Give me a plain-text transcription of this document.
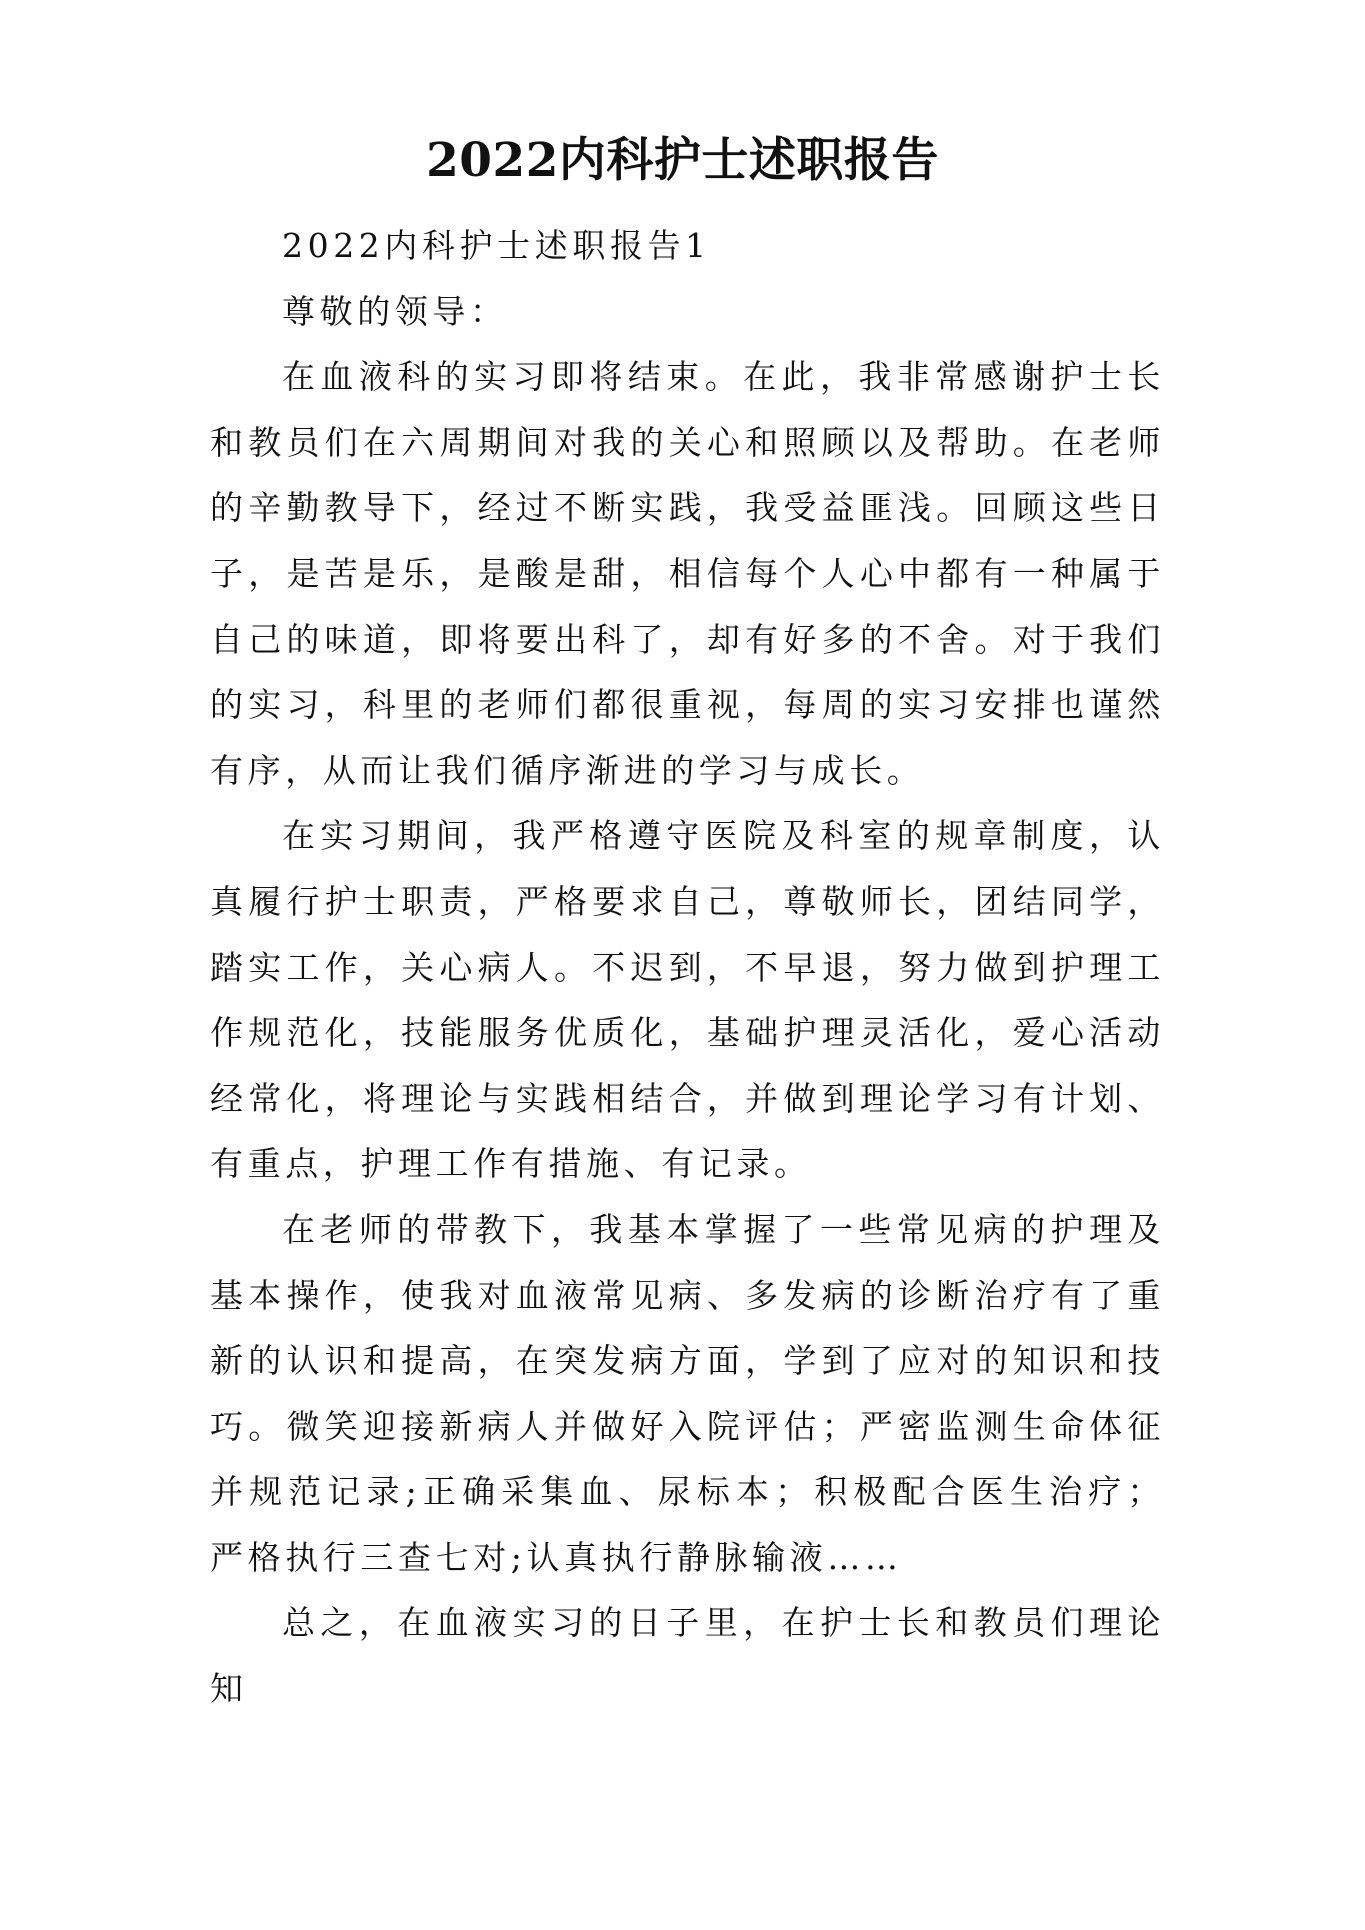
2022内科护士述职报告

2022内科护士述职报告1

尊敬的领导：

在血液科的实习即将结束。在此，我非常感谢护士长和教员们在六周期间对我的关心和照顾以及帮助。在老师的辛勤教导下，经过不断实践，我受益匪浅。回顾这些日子，是苦是乐，是酸是甜，相信每个人心中都有一种属于自己的味道，即将要出科了，却有好多的不舍。对于我们的实习，科里的老师们都很重视，每周的实习安排也谨然有序，从而让我们循序渐进的学习与成长。

在实习期间，我严格遵守医院及科室的规章制度，认真履行护士职责，严格要求自己，尊敬师长，团结同学，踏实工作，关心病人。不迟到，不早退，努力做到护理工作规范化，技能服务优质化，基础护理灵活化，爱心活动经常化，将理论与实践相结合，并做到理论学习有计划、有重点，护理工作有措施、有记录。

在老师的带教下，我基本掌握了一些常见病的护理及基本操作，使我对血液常见病、多发病的诊断治疗有了重新的认识和提高，在突发病方面，学到了应对的知识和技巧。微笑迎接新病人并做好入院评估；严密监测生命体征并规范记录;正确采集血、尿标本；积极配合医生治疗；严格执行三查七对;认真执行静脉输液……

总之，在血液实习的日子里，在护士长和教员们理论知
